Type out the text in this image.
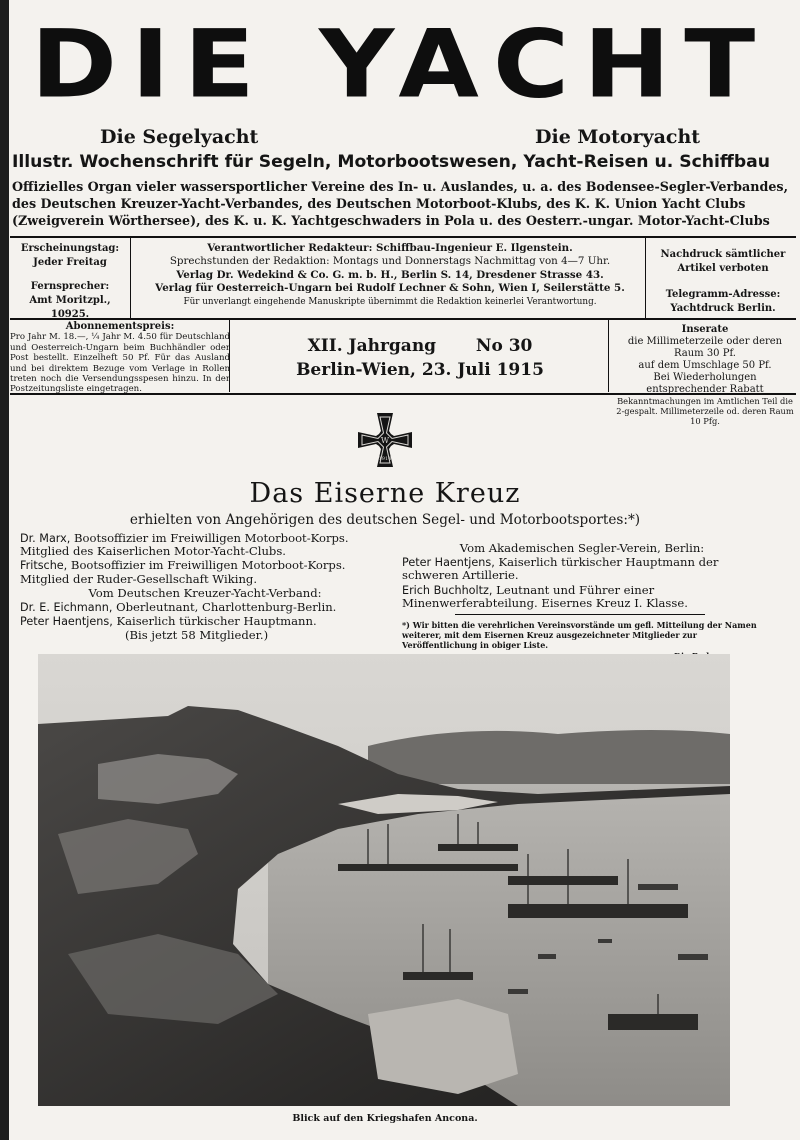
DIE YACHT
Die Segelyacht	Die Motoryacht
Illustr. Wochenschrift für Segeln, Motorbootswesen, Yacht-Reisen u. Schiffbau
Offizielles Organ vieler wassersportlicher Vereine des In- u. Auslandes, u. a. des Bodensee-Segler-Verbandes,
des Deutschen Kreuzer-Yacht-Verbandes, des Deutschen Motorboot-Klubs, des K. K. Union Yacht Clubs
(Zweigverein Wörthersee), des K. u. K. Yachtgeschwaders in Pola u. des Oesterr.-ungar. Motor-Yacht-Clubs
Erscheinungstag:
Jeder Freitag
Fernsprecher:
Amt Moritzpl., 10925.
Verantwortlicher Redakteur: Schiffbau-Ingenieur E. Ilgenstein.
Sprechstunden der Redaktion: Montags und Donnerstags Nachmittag von 4—7 Uhr.
Verlag Dr. Wedekind & Co. G. m. b. H., Berlin S. 14, Dresdener Strasse 43.
Verlag für Oesterreich-Ungarn bei Rudolf Lechner & Sohn, Wien I, Seilerstätte 5.
Für unverlangt eingehende Manuskripte übernimmt die Redaktion keinerlei Verantwortung.
Nachdruck sämtlicher Artikel verboten
Telegramm-Adresse:
Yachtdruck Berlin.
Abonnementspreis:
Pro Jahr M. 18.—, ¼ Jahr M. 4.50 für Deutschland und Oesterreich-Ungarn beim Buchhändler oder Post bestellt. Einzelheft 50 Pf. Für das Ausland und bei direktem Bezuge vom Verlage in Rollen treten noch die Versendungsspesen hinzu. In der Postzeitungsliste eingetragen.
XII. Jahrgang No 30
Berlin-Wien, 23. Juli 1915
Inserate
die Millimeterzeile oder deren Raum 30 Pf.
auf dem Umschlage 50 Pf.
Bei Wiederholungen entsprechender Rabatt
Bekanntmachungen im Amtlichen Teil die 2-gespalt. Millimeterzeile od. deren Raum 10 Pfg.
W
1914
Das Eiserne Kreuz
erhielten von Angehörigen des deutschen Segel- und Motorbootsportes:*)
Dr. Marx, Bootsoffizier im Freiwilligen Motorboot-Korps. Mitglied des Kaiserlichen Motor-Yacht-Clubs.
Fritsche, Bootsoffizier im Freiwilligen Motorboot-Korps. Mitglied der Ruder-Gesellschaft Wiking.
Vom Deutschen Kreuzer-Yacht-Verband:
Dr. E. Eichmann, Oberleutnant, Charlottenburg-Berlin.
Peter Haentjens, Kaiserlich türkischer Hauptmann.
(Bis jetzt 58 Mitglieder.)
Vom Akademischen Segler-Verein, Berlin:
Peter Haentjens, Kaiserlich türkischer Hauptmann der schweren Artillerie.
Erich Buchholtz, Leutnant und Führer einer Minenwerferabteilung. Eisernes Kreuz I. Klasse.
*) Wir bitten die verehrlichen Vereinsvorstände um gefl. Mitteilung der Namen weiterer, mit dem Eisernen Kreuz ausgezeichneter Mitglieder zur Veröffentlichung in obiger Liste.
Blick auf den Kriegshafen Ancona.
